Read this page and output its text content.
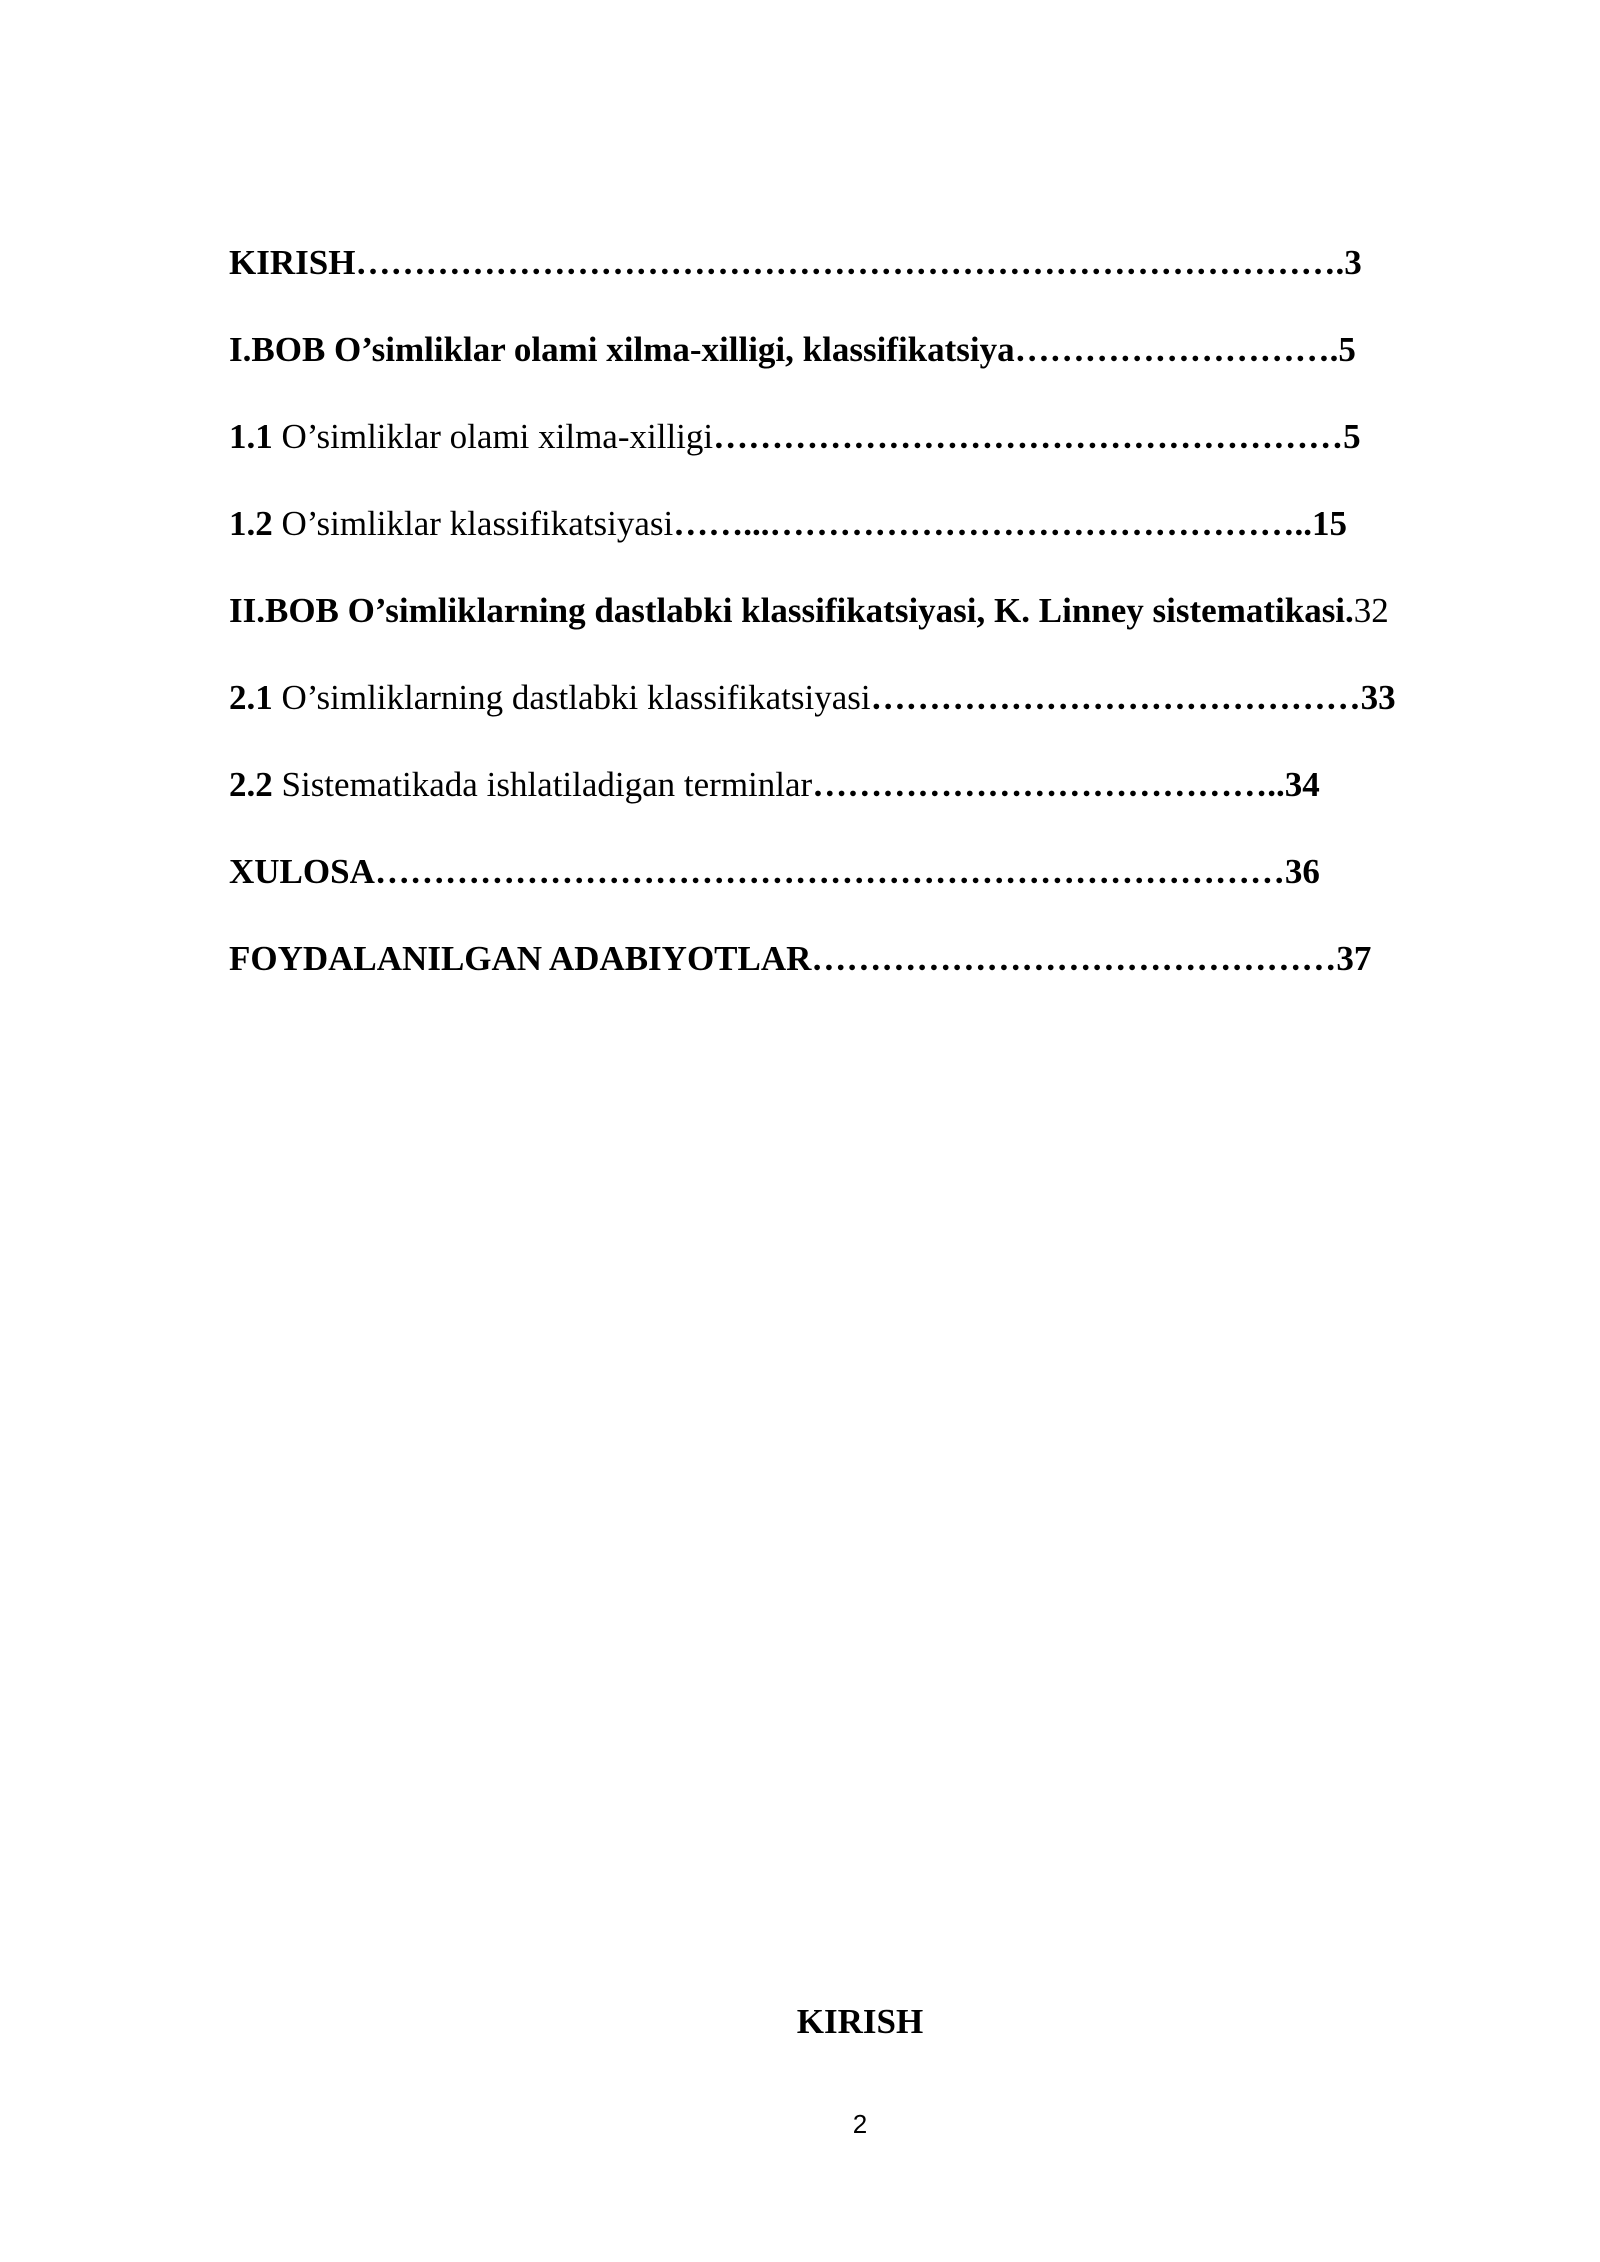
KIRISH………………………………………………………………………….3
I.BOB O’simliklar olami xilma-xilligi, klassifikatsiya……………………….5
1.1 O’simliklar olami xilma-xilligi………………………………………………5
1.2 O’simliklar klassifikatsiyasi……...………………………………………..15
II.BOB O’simliklarning dastlabki klassifikatsiyasi, K. Linney sistematikasi.32
2.1 O’simliklarning dastlabki klassifikatsiyasi……………………………………33
2.2 Sistematikada ishlatiladigan terminlar…………………………………..34
XULOSA……………………………………………………………………36
FOYDALANILGAN ADABIYOTLAR………………………………………37
KIRISH
2
